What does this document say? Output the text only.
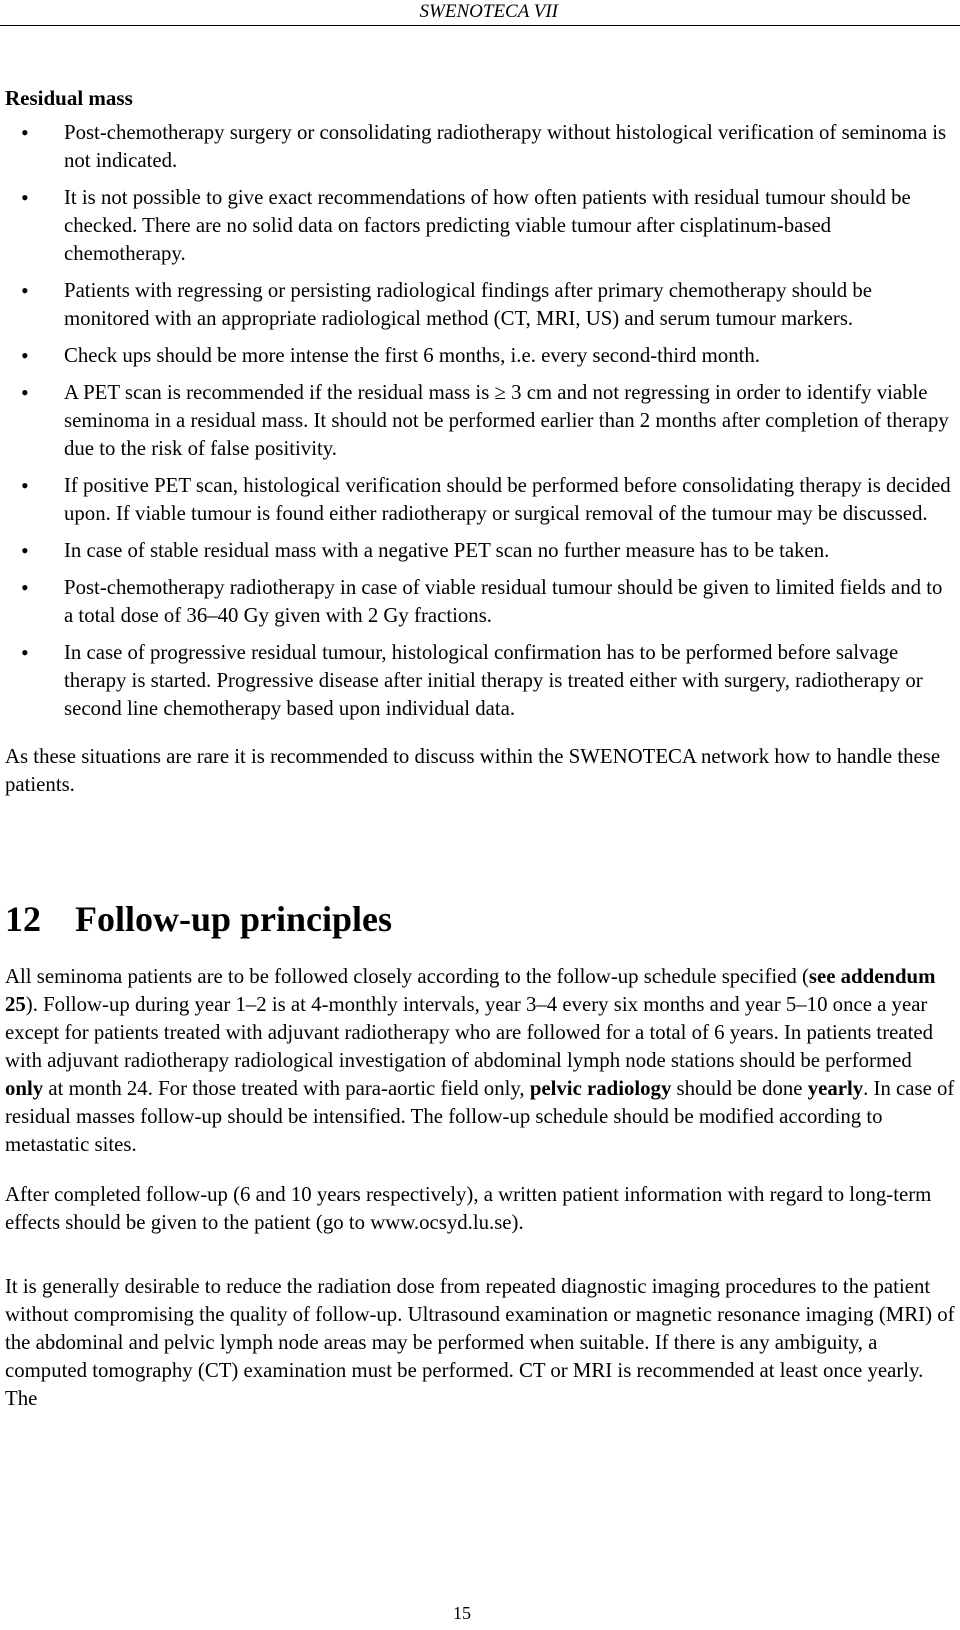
SWENOTECA VII
Residual mass
• Post-chemotherapy surgery or consolidating radiotherapy without histological verification of seminoma is not indicated.
• It is not possible to give exact recommendations of how often patients with residual tumour should be checked. There are no solid data on factors predicting viable tumour after cisplatinum-based chemotherapy.
• Patients with regressing or persisting radiological findings after primary chemotherapy should be monitored with an appropriate radiological method (CT, MRI, US) and serum tumour markers.
• Check ups should be more intense the first 6 months, i.e. every second-third month.
• A PET scan is recommended if the residual mass is ≥ 3 cm and not regressing in order to identify viable seminoma in a residual mass. It should not be performed earlier than 2 months after completion of therapy due to the risk of false positivity.
• If positive PET scan, histological verification should be performed before consolidating therapy is decided upon. If viable tumour is found either radiotherapy or surgical removal of the tumour may be discussed.
• In case of stable residual mass with a negative PET scan no further measure has to be taken.
• Post-chemotherapy radiotherapy in case of viable residual tumour should be given to limited fields and to a total dose of 36–40 Gy given with 2 Gy fractions.
• In case of progressive residual tumour, histological confirmation has to be performed before salvage therapy is started. Progressive disease after initial therapy is treated either with surgery, radiotherapy or second line chemotherapy based upon individual data.

As these situations are rare it is recommended to discuss within the SWENOTECA network how to handle these patients.

12 Follow-up principles

All seminoma patients are to be followed closely according to the follow-up schedule specified (see addendum 25). Follow-up during year 1–2 is at 4-monthly intervals, year 3–4 every six months and year 5–10 once a year except for patients treated with adjuvant radiotherapy who are followed for a total of 6 years. In patients treated with adjuvant radiotherapy radiological investigation of abdominal lymph node stations should be performed only at month 24. For those treated with para-aortic field only, pelvic radiology should be done yearly. In case of residual masses follow-up should be intensified. The follow-up schedule should be modified according to metastatic sites.

After completed follow-up (6 and 10 years respectively), a written patient information with regard to long-term effects should be given to the patient (go to www.ocsyd.lu.se).

It is generally desirable to reduce the radiation dose from repeated diagnostic imaging procedures to the patient without compromising the quality of follow-up. Ultrasound examination or magnetic resonance imaging (MRI) of the abdominal and pelvic lymph node areas may be performed when suitable. If there is any ambiguity, a computed tomography (CT) examination must be performed. CT or MRI is recommended at least once yearly. The

15
